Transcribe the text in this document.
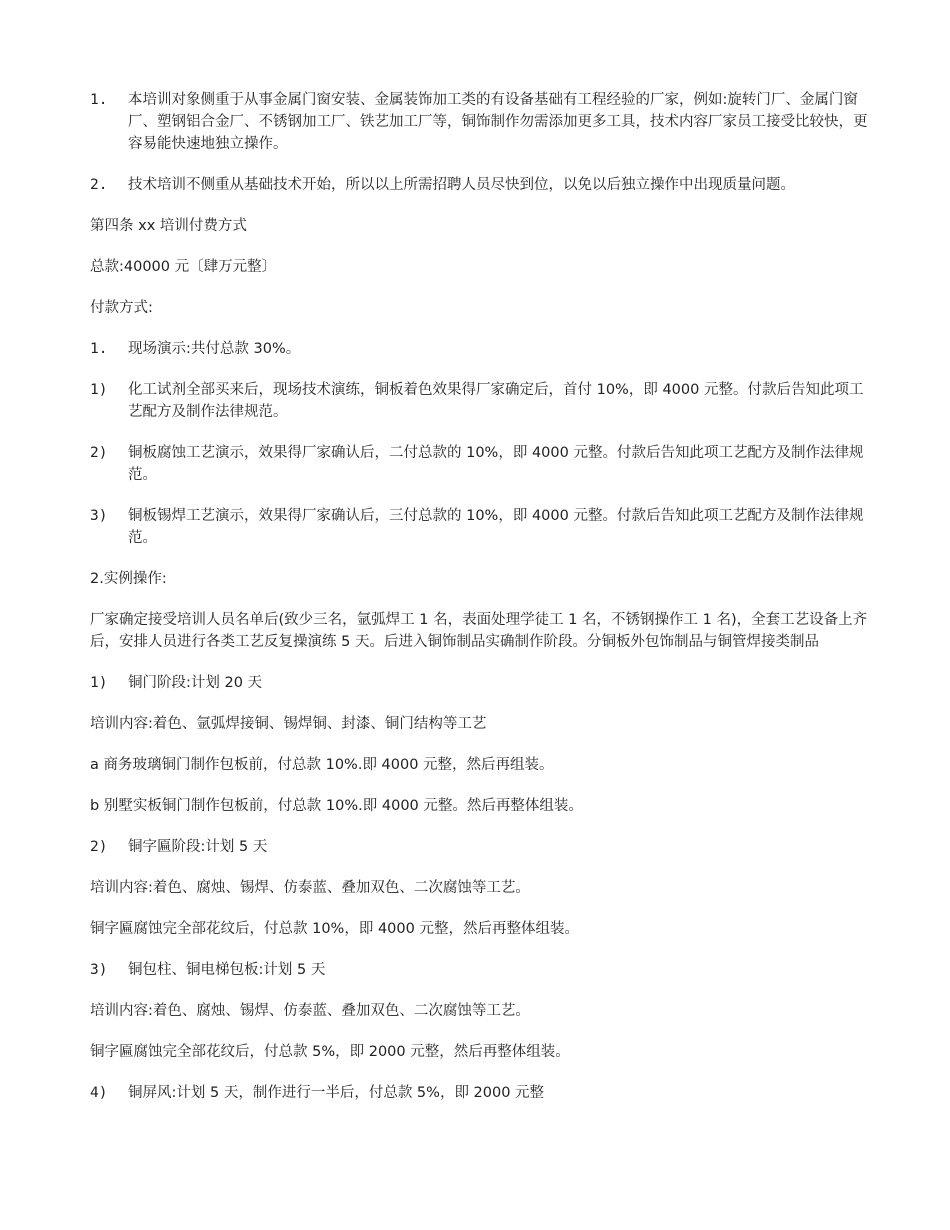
1. 本培训对象侧重于从事金属门窗安装、金属装饰加工类的有设备基础有工程经验的厂家，例如:旋转门厂、金属门窗厂、塑钢铝合金厂、不锈钢加工厂、铁艺加工厂等，铜饰制作勿需添加更多工具，技术内容厂家员工接受比较快，更容易能快速地独立操作。
2. 技术培训不侧重从基础技术开始，所以以上所需招聘人员尽快到位，以免以后独立操作中出现质量问题。
第四条 xx 培训付费方式
总款:40000 元〔肆万元整〕
付款方式:
1. 现场演示:共付总款 30%。
1) 化工试剂全部买来后，现场技术演练，铜板着色效果得厂家确定后，首付 10%，即 4000 元整。付款后告知此项工艺配方及制作法律规范。
2) 铜板腐蚀工艺演示，效果得厂家确认后，二付总款的 10%，即 4000 元整。付款后告知此项工艺配方及制作法律规范。
3) 铜板锡焊工艺演示，效果得厂家确认后，三付总款的 10%，即 4000 元整。付款后告知此项工艺配方及制作法律规范。
2.实例操作:
厂家确定接受培训人员名单后(致少三名，氩弧焊工 1 名，表面处理学徒工 1 名，不锈钢操作工 1 名)，全套工艺设备上齐后，安排人员进行各类工艺反复操演练 5 天。后进入铜饰制品实确制作阶段。分铜板外包饰制品与铜管焊接类制品
1) 铜门阶段:计划 20 天
培训内容:着色、氩弧焊接铜、锡焊铜、封漆、铜门结构等工艺
a 商务玻璃铜门制作包板前，付总款 10%.即 4000 元整，然后再组装。
b 别墅实板铜门制作包板前，付总款 10%.即 4000 元整。然后再整体组装。
2) 铜字匾阶段:计划 5 天
培训内容:着色、腐烛、锡焊、仿泰蓝、叠加双色、二次腐蚀等工艺。
铜字匾腐蚀完全部花纹后，付总款 10%，即 4000 元整，然后再整体组装。
3) 铜包柱、铜电梯包板:计划 5 天
培训内容:着色、腐烛、锡焊、仿泰蓝、叠加双色、二次腐蚀等工艺。
铜字匾腐蚀完全部花纹后，付总款 5%，即 2000 元整，然后再整体组装。
4) 铜屏风:计划 5 天，制作进行一半后，付总款 5%，即 2000 元整
